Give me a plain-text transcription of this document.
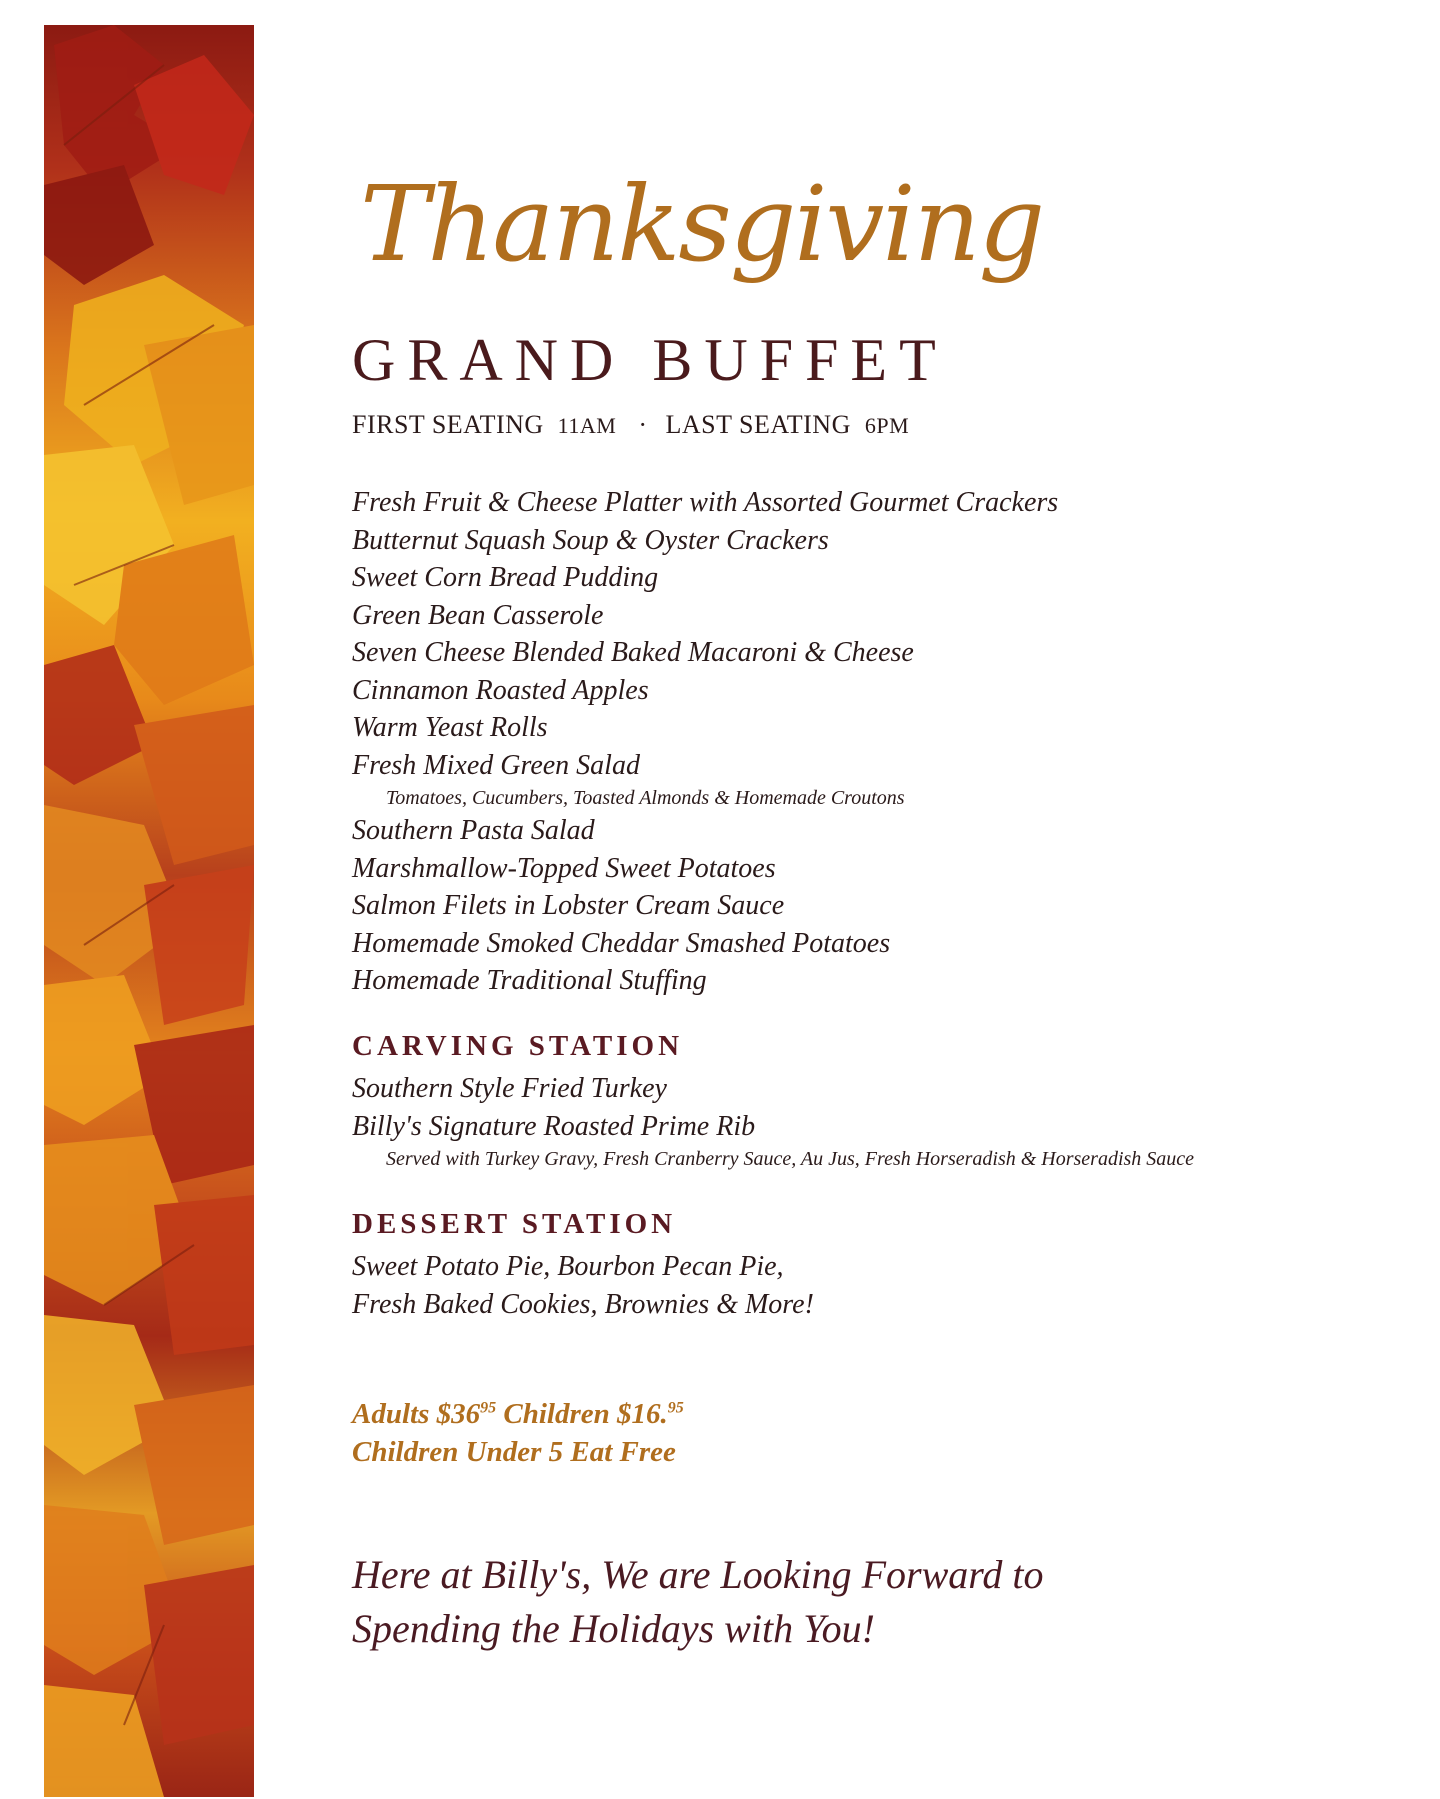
Thanksgiving
GRAND BUFFET
FIRST SEATING 11AM · LAST SEATING 6PM
Fresh Fruit & Cheese Platter with Assorted Gourmet Crackers
Butternut Squash Soup & Oyster Crackers
Sweet Corn Bread Pudding
Green Bean Casserole
Seven Cheese Blended Baked Macaroni & Cheese
Cinnamon Roasted Apples
Warm Yeast Rolls
Fresh Mixed Green Salad
Tomatoes, Cucumbers, Toasted Almonds & Homemade Croutons
Southern Pasta Salad
Marshmallow-Topped Sweet Potatoes
Salmon Filets in Lobster Cream Sauce
Homemade Smoked Cheddar Smashed Potatoes
Homemade Traditional Stuffing
CARVING STATION
Southern Style Fried Turkey
Billy's Signature Roasted Prime Rib
Served with Turkey Gravy, Fresh Cranberry Sauce, Au Jus, Fresh Horseradish & Horseradish Sauce
DESSERT STATION
Sweet Potato Pie, Bourbon Pecan Pie,
Fresh Baked Cookies, Brownies & More!
Adults $\$36^{95}$ Children $16.95
Children Under 5 Eat Free
Here at Billy's, We are Looking Forward to
Spending the Holidays with You!
